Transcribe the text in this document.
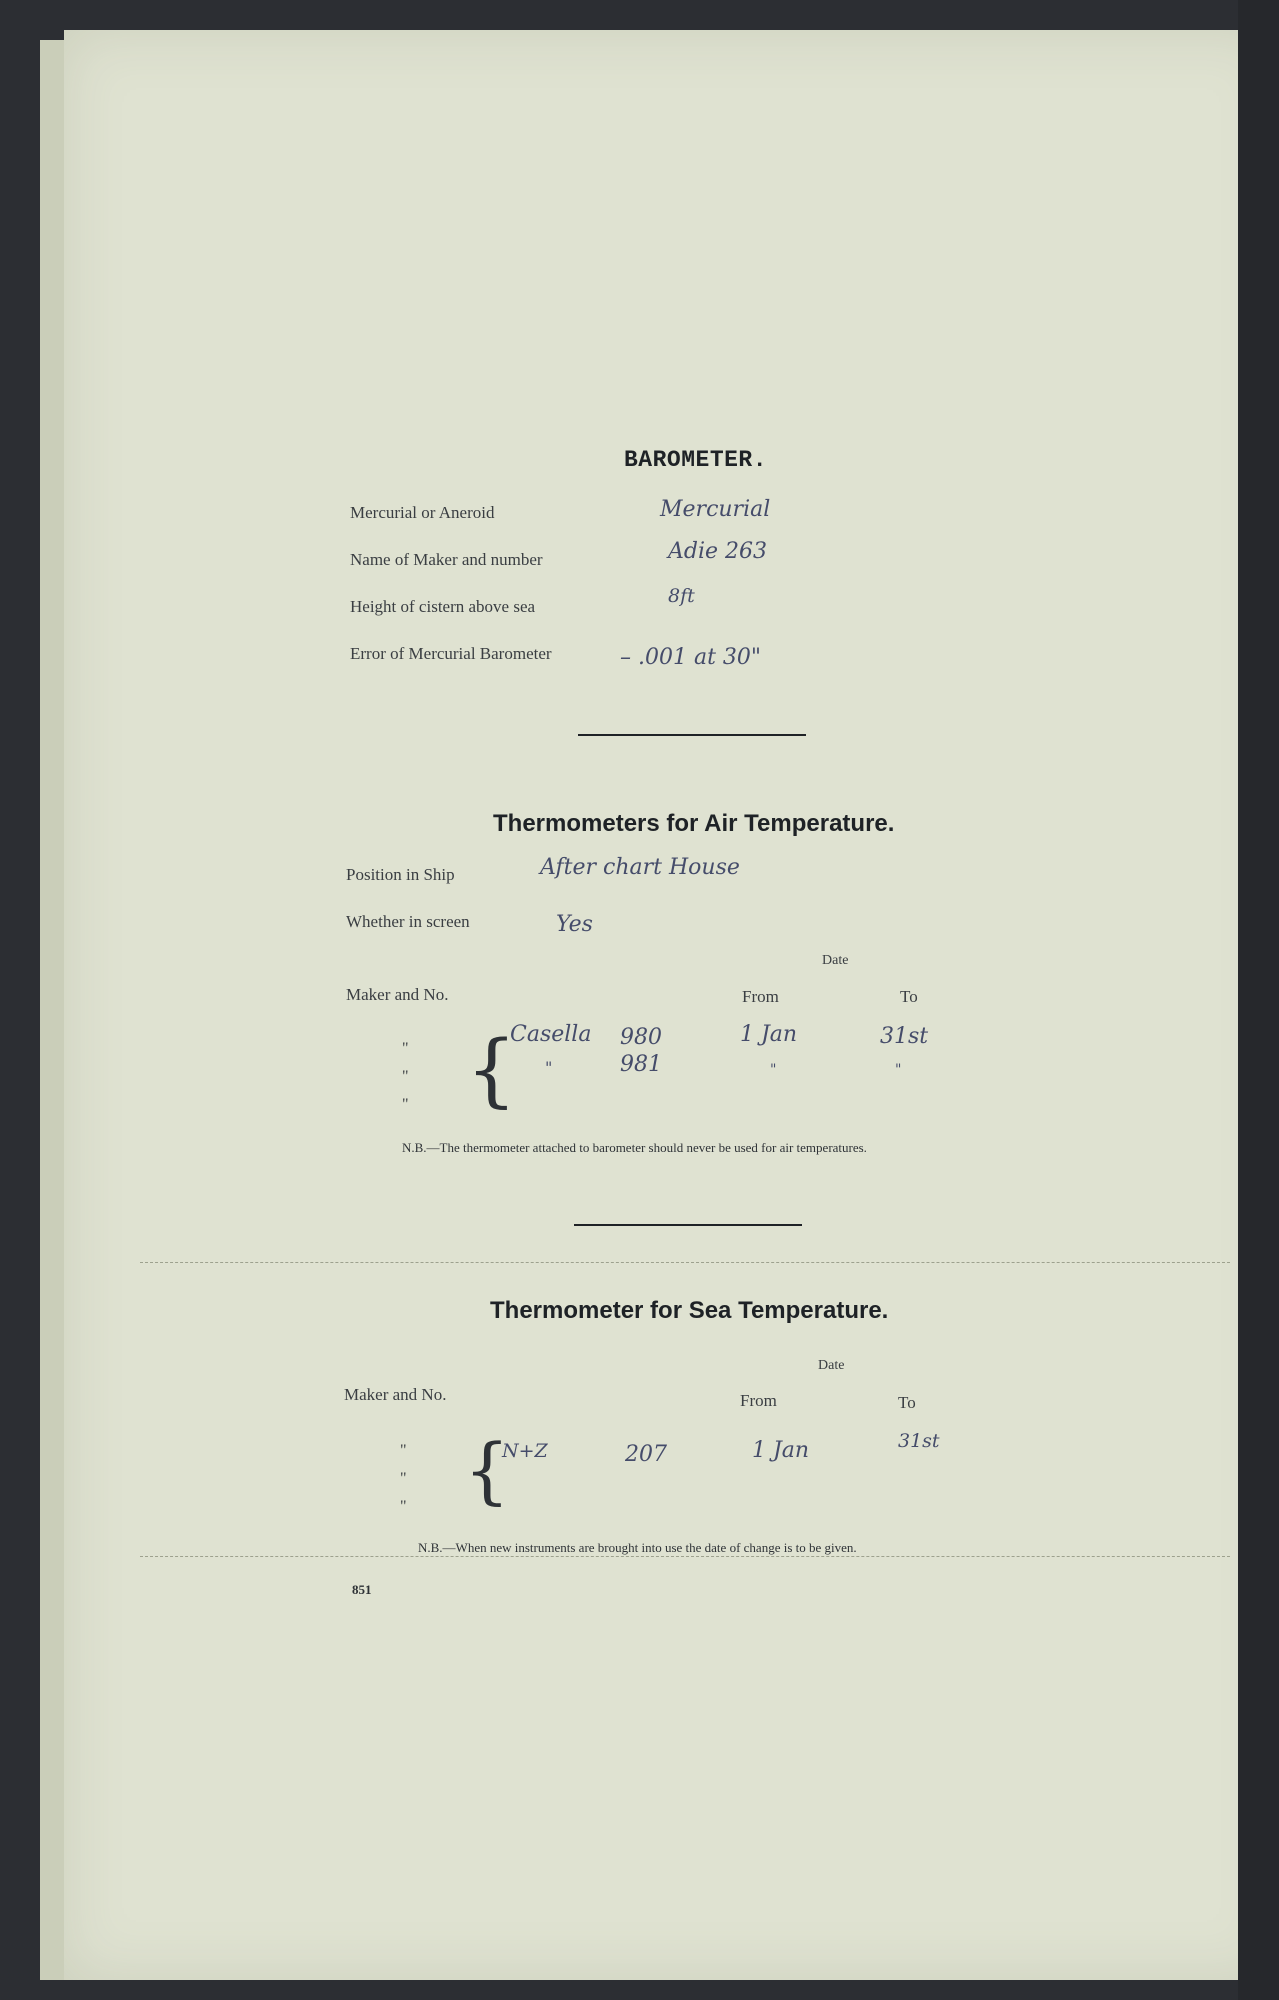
BAROMETER.
Mercurial or Aneroid	Mercurial
Name of Maker and number	Adie 263
Height of cistern above sea	8ft
Error of Mercurial Barometer	– .001 at 30"
Thermometers for Air Temperature.
Position in Ship	After chart House
Whether in screen	Yes
Date
Maker and No.	From	To
"
"
" {
Casella 980	1 Jan	31st
"	981	"	"
N.B.—The thermometer attached to barometer should never be used for air temperatures.
Thermometer for Sea Temperature.
Date
Maker and No.	From	To
"
"
" {
N+Z	207	1 Jan	31st
N.B.—When new instruments are brought into use the date of change is to be given.
851
